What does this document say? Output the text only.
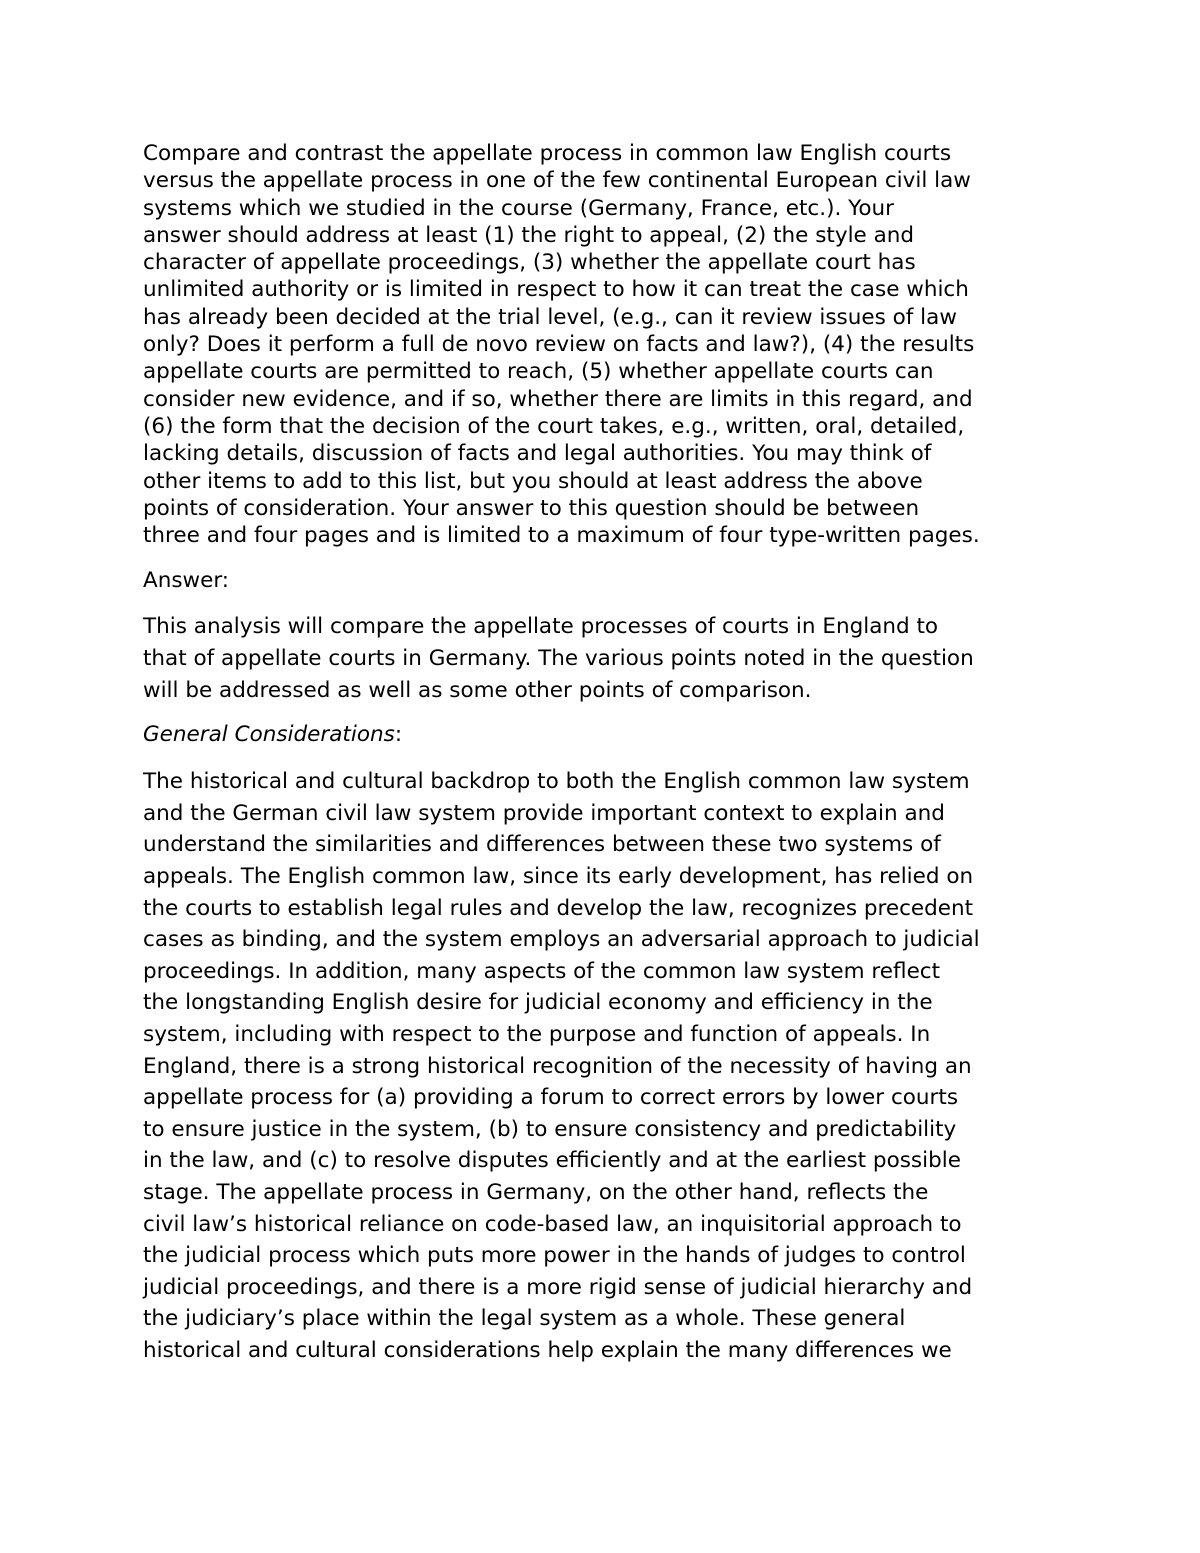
Compare and contrast the appellate process in common law English courts
versus the appellate process in one of the few continental European civil law
systems which we studied in the course (Germany, France, etc.). Your
answer should address at least (1) the right to appeal, (2) the style and
character of appellate proceedings, (3) whether the appellate court has
unlimited authority or is limited in respect to how it can treat the case which
has already been decided at the trial level, (e.g., can it review issues of law
only? Does it perform a full de novo review on facts and law?), (4) the results
appellate courts are permitted to reach, (5) whether appellate courts can
consider new evidence, and if so, whether there are limits in this regard, and
(6) the form that the decision of the court takes, e.g., written, oral, detailed,
lacking details, discussion of facts and legal authorities. You may think of
other items to add to this list, but you should at least address the above
points of consideration. Your answer to this question should be between
three and four pages and is limited to a maximum of four type-written pages.
Answer:
This analysis will compare the appellate processes of courts in England to
that of appellate courts in Germany. The various points noted in the question
will be addressed as well as some other points of comparison.
General Considerations:
The historical and cultural backdrop to both the English common law system
and the German civil law system provide important context to explain and
understand the similarities and differences between these two systems of
appeals. The English common law, since its early development, has relied on
the courts to establish legal rules and develop the law, recognizes precedent
cases as binding, and the system employs an adversarial approach to judicial
proceedings. In addition, many aspects of the common law system reflect
the longstanding English desire for judicial economy and efficiency in the
system, including with respect to the purpose and function of appeals. In
England, there is a strong historical recognition of the necessity of having an
appellate process for (a) providing a forum to correct errors by lower courts
to ensure justice in the system, (b) to ensure consistency and predictability
in the law, and (c) to resolve disputes efficiently and at the earliest possible
stage. The appellate process in Germany, on the other hand, reflects the
civil law’s historical reliance on code-based law, an inquisitorial approach to
the judicial process which puts more power in the hands of judges to control
judicial proceedings, and there is a more rigid sense of judicial hierarchy and
the judiciary’s place within the legal system as a whole. These general
historical and cultural considerations help explain the many differences we
